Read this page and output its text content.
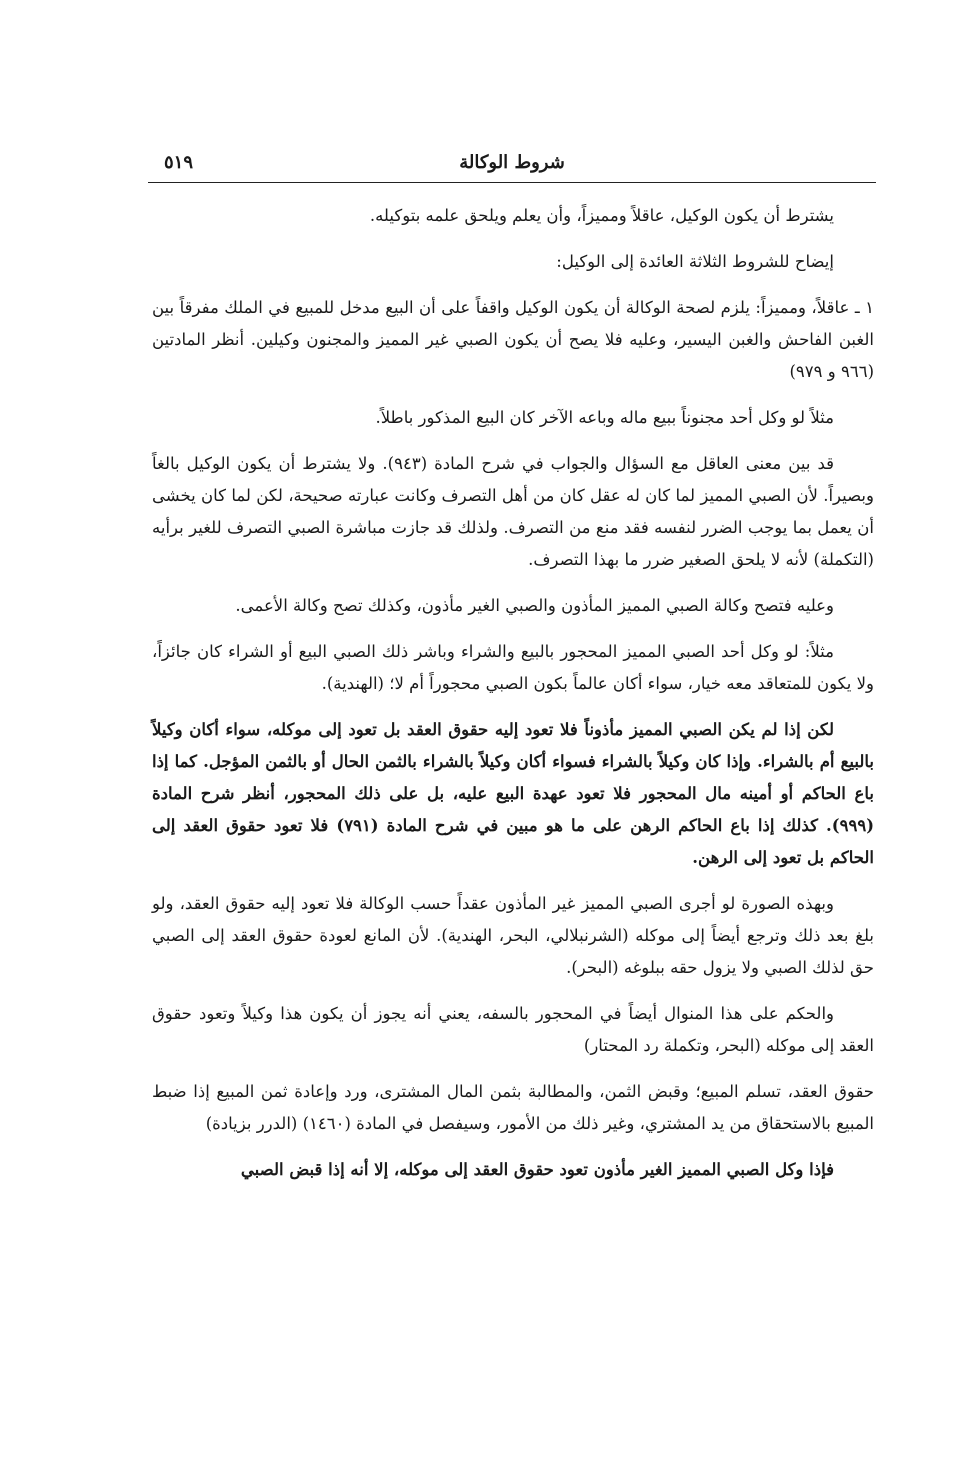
شروط الوكالة
٥١٩

يشترط أن يكون الوكيل، عاقلاً ومميزاً، وأن يعلم ويلحق علمه بتوكيله.

إيضاح للشروط الثلاثة العائدة إلى الوكيل:

١ ـ عاقلاً، ومميزاً: يلزم لصحة الوكالة أن يكون الوكيل واقفاً على أن البيع مدخل للمبيع في الملك مفرقاً بين الغبن الفاحش والغبن اليسير، وعليه فلا يصح أن يكون الصبي غير المميز والمجنون وكيلين. أنظر المادتين (٩٦٦ و ٩٧٩)

مثلاً لو وكل أحد مجنوناً ببيع ماله وباعه الآخر كان البيع المذكور باطلاً.

قد بين معنى العاقل مع السؤال والجواب في شرح المادة (٩٤٣). ولا يشترط أن يكون الوكيل بالغاً وبصيراً. لأن الصبي المميز لما كان له عقل كان من أهل التصرف وكانت عبارته صحيحة، لكن لما كان يخشى أن يعمل بما يوجب الضرر لنفسه فقد منع من التصرف. ولذلك قد جازت مباشرة الصبي التصرف للغير برأيه (التكملة) لأنه لا يلحق الصغير ضرر ما بهذا التصرف.

وعليه فتصح وكالة الصبي المميز المأذون والصبي الغير مأذون، وكذلك تصح وكالة الأعمى.

مثلاً: لو وكل أحد الصبي المميز المحجور بالبيع والشراء وباشر ذلك الصبي البيع أو الشراء كان جائزاً، ولا يكون للمتعاقد معه خيار، سواء أكان عالماً بكون الصبي محجوراً أم لا؛ (الهندية).

لكن إذا لم يكن الصبي المميز مأذوناً فلا تعود إليه حقوق العقد بل تعود إلى موكله، سواء أكان وكيلاً بالبيع أم بالشراء. وإذا كان وكيلاً بالشراء فسواء أكان وكيلاً بالشراء بالثمن الحال أو بالثمن المؤجل. كما إذا باع الحاكم أو أمينه مال المحجور فلا تعود عهدة البيع عليه، بل على ذلك المحجور، أنظر شرح المادة (٩٩٩). كذلك إذا باع الحاكم الرهن على ما هو مبين في شرح المادة (٧٩١) فلا تعود حقوق العقد إلى الحاكم بل تعود إلى الرهن.

وبهذه الصورة لو أجرى الصبي المميز غير المأذون عقداً حسب الوكالة فلا تعود إليه حقوق العقد، ولو بلغ بعد ذلك وترجع أيضاً إلى موكله (الشرنبلالي، البحر، الهندية). لأن المانع لعودة حقوق العقد إلى الصبي حق لذلك الصبي ولا يزول حقه ببلوغه (البحر).

والحكم على هذا المنوال أيضاً في المحجور بالسفه، يعني أنه يجوز أن يكون هذا وكيلاً وتعود حقوق العقد إلى موكله (البحر، وتكملة رد المحتار)

حقوق العقد، تسلم المبيع؛ وقبض الثمن، والمطالبة بثمن المال المشترى، ورد وإعادة ثمن المبيع إذا ضبط المبيع بالاستحقاق من يد المشتري، وغير ذلك من الأمور، وسيفصل في المادة (١٤٦٠) (الدرر بزيادة)

فإذا وكل الصبي المميز الغير مأذون تعود حقوق العقد إلى موكله، إلا أنه إذا قبض الصبي
